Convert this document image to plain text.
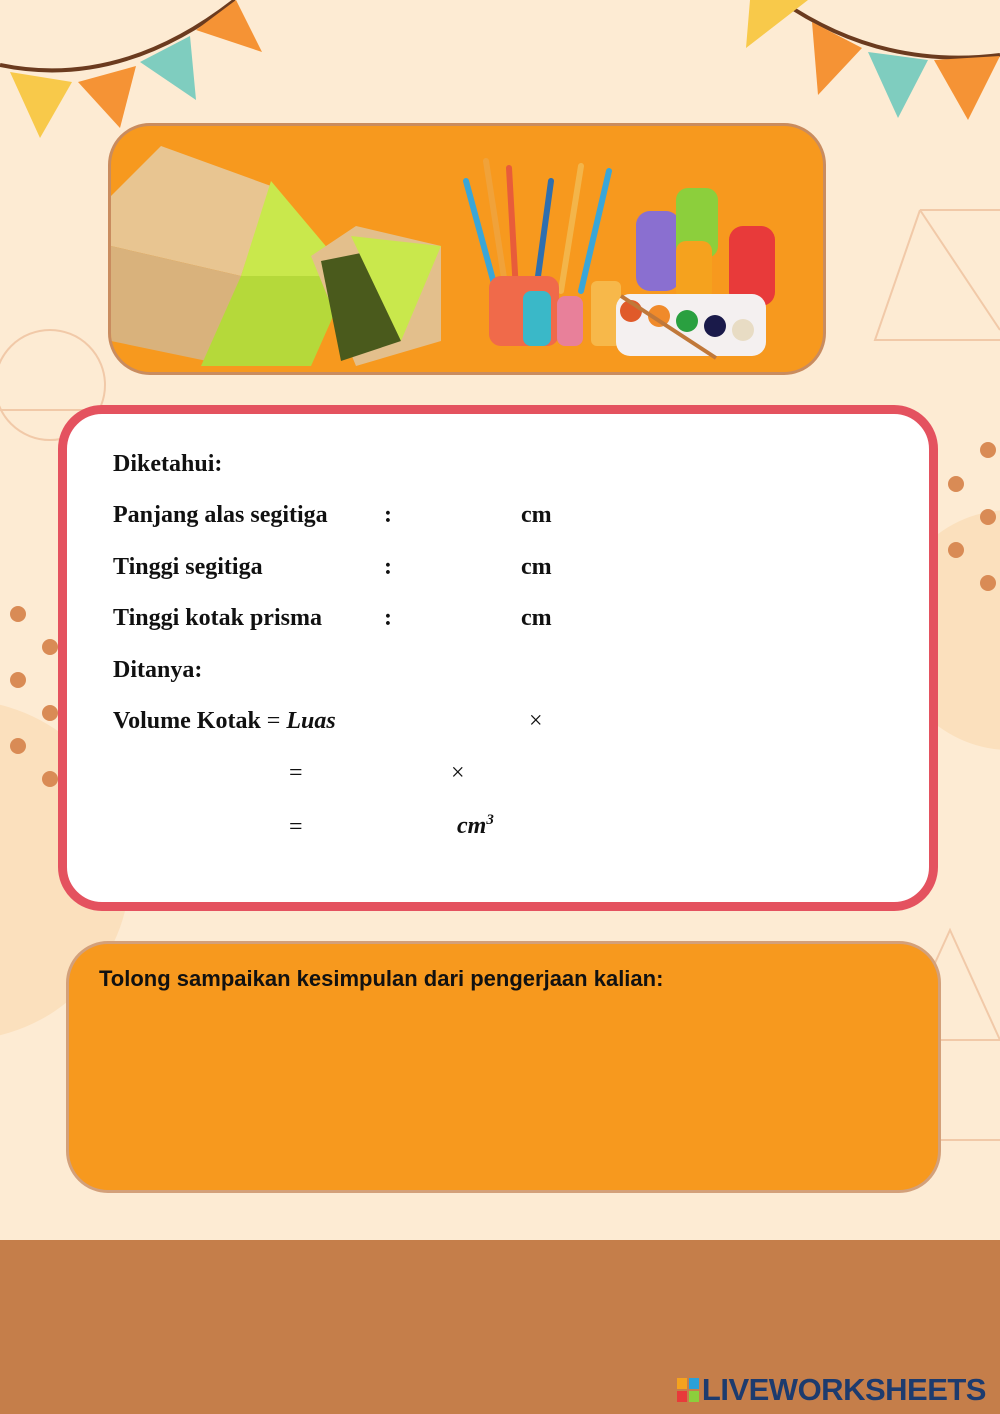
Diketahui:
Panjang alas segitiga :	cm
Tinggi segitiga	:	cm
Tinggi kotak prisma	:	cm
Ditanya:
Volume Kotak = Luas	×
=	×
=	$cm^3$
Tolong sampaikan kesimpulan dari pengerjaan kalian:
LIVEWORKSHEETS
